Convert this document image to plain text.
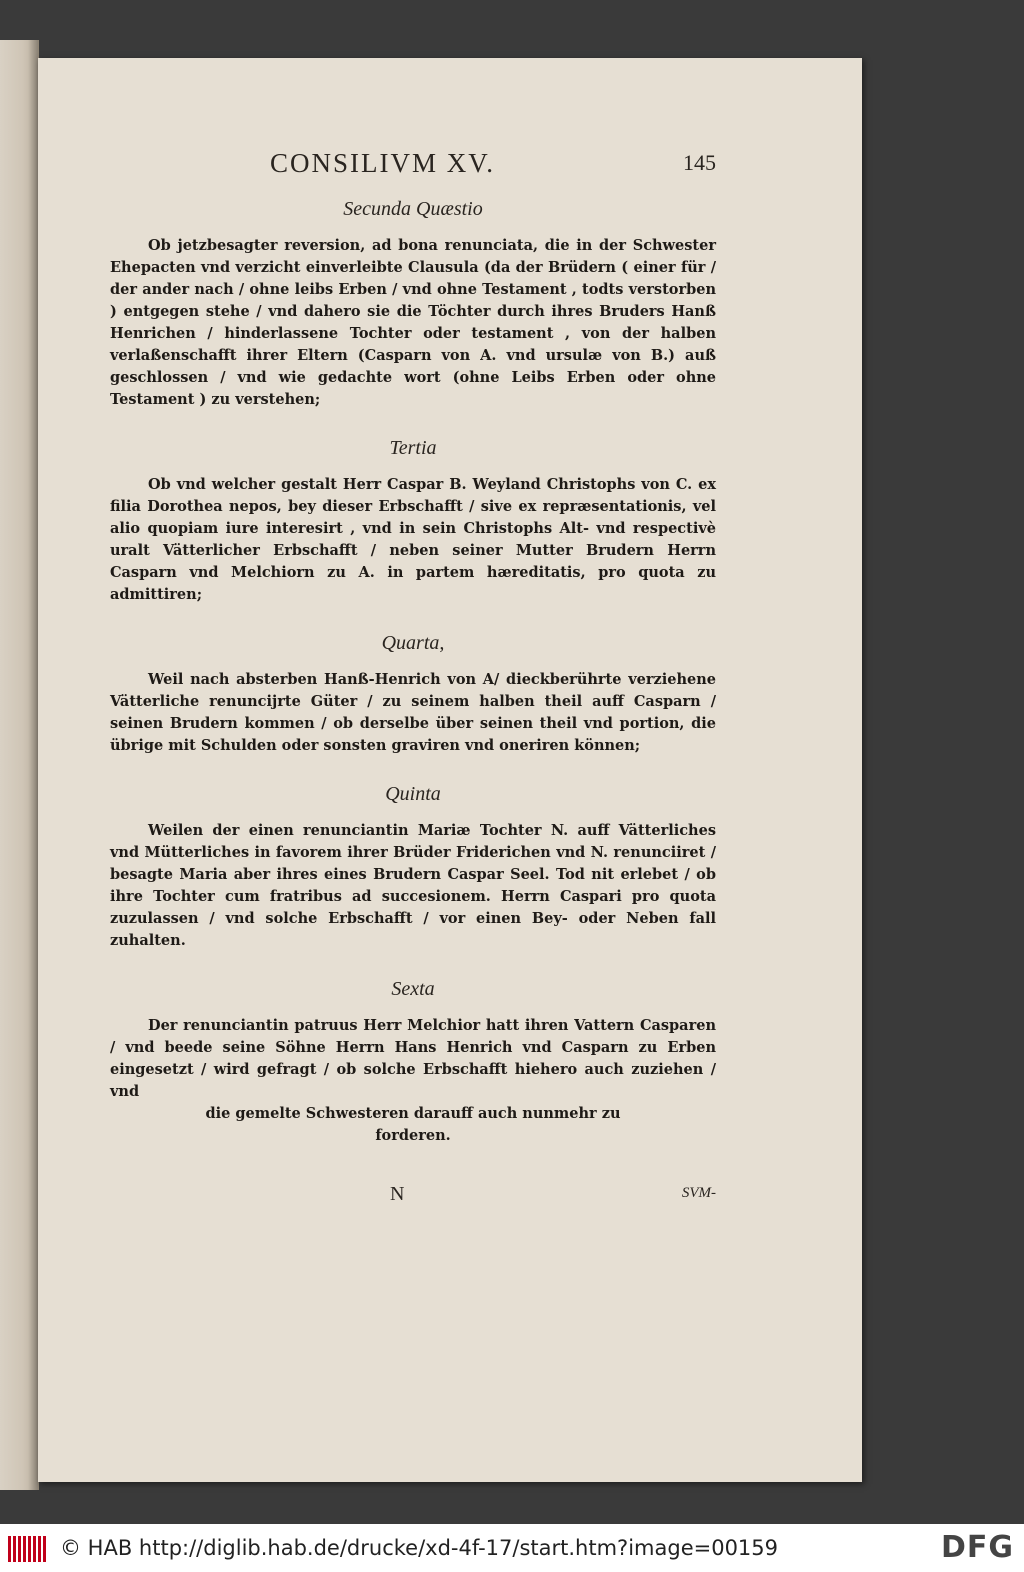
CONSILIVM XV.	145
Secunda Quæstio

Ob jetzbesagter reversion, ad bona renunciata, die in der Schwester Ehepacten vnd verzicht einverleibte Clausula (da der Brüdern ( einer für / der ander nach / ohne leibs Erben / vnd ohne Testament , todts verstorben ) entgegen stehe / vnd dahero sie die Töchter durch ihres Bruders Hanß Henrichen / hinderlassene Tochter oder testament , von der halben verlaßenschafft ihrer Eltern (Casparn von A. vnd ursulæ von B.) auß geschlossen / vnd wie gedachte wort (ohne Leibs Erben oder ohne Testament ) zu verstehen;

Tertia

Ob vnd welcher gestalt Herr Caspar B. Weyland Christophs von C. ex filia Dorothea nepos, bey dieser Erbschafft / sive ex repræsentationis, vel alio quopiam iure interesirt , vnd in sein Christophs Alt- vnd respectivè uralt Vätterlicher Erbschafft / neben seiner Mutter Brudern Herrn Casparn vnd Melchiorn zu A. in partem hæreditatis, pro quota zu admittiren;

Quarta,

Weil nach absterben Hanß-Henrich von A/ dieckberührte verziehene Vätterliche renuncijrte Güter / zu seinem halben theil auff Casparn / seinen Brudern kommen / ob derselbe über seinen theil vnd portion, die übrige mit Schulden oder sonsten graviren vnd oneriren können;

Quinta

Weilen der einen renunciantin Mariæ Tochter N. auff Vätterliches vnd Mütterliches in favorem ihrer Brüder Friderichen vnd N. renunciiret / besagte Maria aber ihres eines Brudern Caspar Seel. Tod nit erlebet / ob ihre Tochter cum fratribus ad succesionem. Herrn Caspari pro quota zuzulassen / vnd solche Erbschafft / vor einen Bey- oder Neben fall zuhalten.

Sexta

Der renunciantin patruus Herr Melchior hatt ihren Vattern Casparen / vnd beede seine Söhne Herrn Hans Henrich vnd Casparn zu Erben eingesetzt / wird gefragt / ob solche Erbschafft hiehero auch zuziehen / vnd

die gemelte Schwesteren darauff auch nunmehr zu forderen.

N	SVM-
© HAB http://diglib.hab.de/drucke/xd-4f-17/start.htm?image=00159	DFG
